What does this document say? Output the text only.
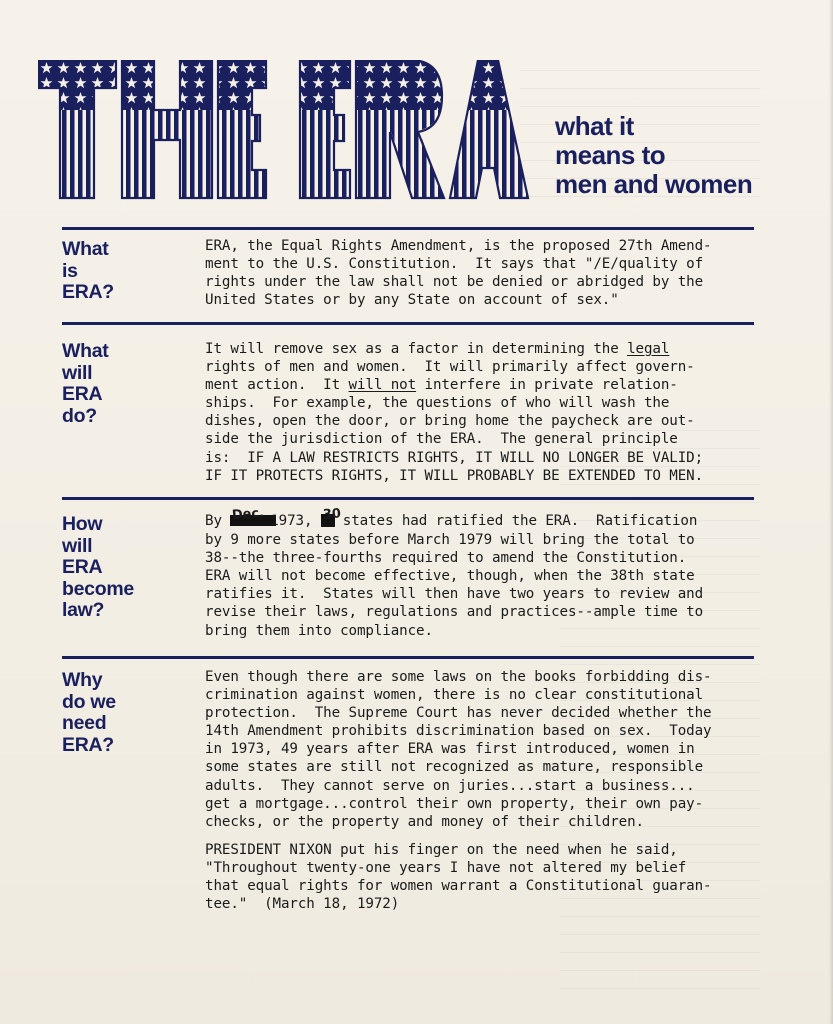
what it
means to
men and women
What
is
ERA?
ERA, the Equal Rights Amendment, is the proposed 27th Amend-
ment to the U.S. Constitution.  It says that "/E/quality of
rights under the law shall not be denied or abridged by the
United States or by any State on account of sex."
What
will
ERA
do?
It will remove sex as a factor in determining the legal
rights of men and women.  It will primarily affect govern-
ment action.  It will not interfere in private relation-
ships.  For example, the questions of who will wash the
dishes, open the door, or bring home the paycheck are out-
side the jurisdiction of the ERA.  The general principle
is:  IF A LAW RESTRICTS RIGHTS, IT WILL NO LONGER BE VALID;
IF IT PROTECTS RIGHTS, IT WILL PROBABLY BE EXTENDED TO MEN.
How
will
ERA
become
law?
By Dec. 1973, 30 states had ratified the ERA.  Ratification
by 9 more states before March 1979 will bring the total to
38--the three-fourths required to amend the Constitution.
ERA will not become effective, though, when the 38th state
ratifies it.  States will then have two years to review and
revise their laws, regulations and practices--ample time to
bring them into compliance.
Why
do we
need
ERA?
Even though there are some laws on the books forbidding dis-
crimination against women, there is no clear constitutional
protection.  The Supreme Court has never decided whether the
14th Amendment prohibits discrimination based on sex.  Today
in 1973, 49 years after ERA was first introduced, women in
some states are still not recognized as mature, responsible
adults.  They cannot serve on juries...start a business...
get a mortgage...control their own property, their own pay-
checks, or the property and money of their children.
PRESIDENT NIXON put his finger on the need when he said,
"Throughout twenty-one years I have not altered my belief
that equal rights for women warrant a Constitutional guaran-
tee."  (March 18, 1972)
